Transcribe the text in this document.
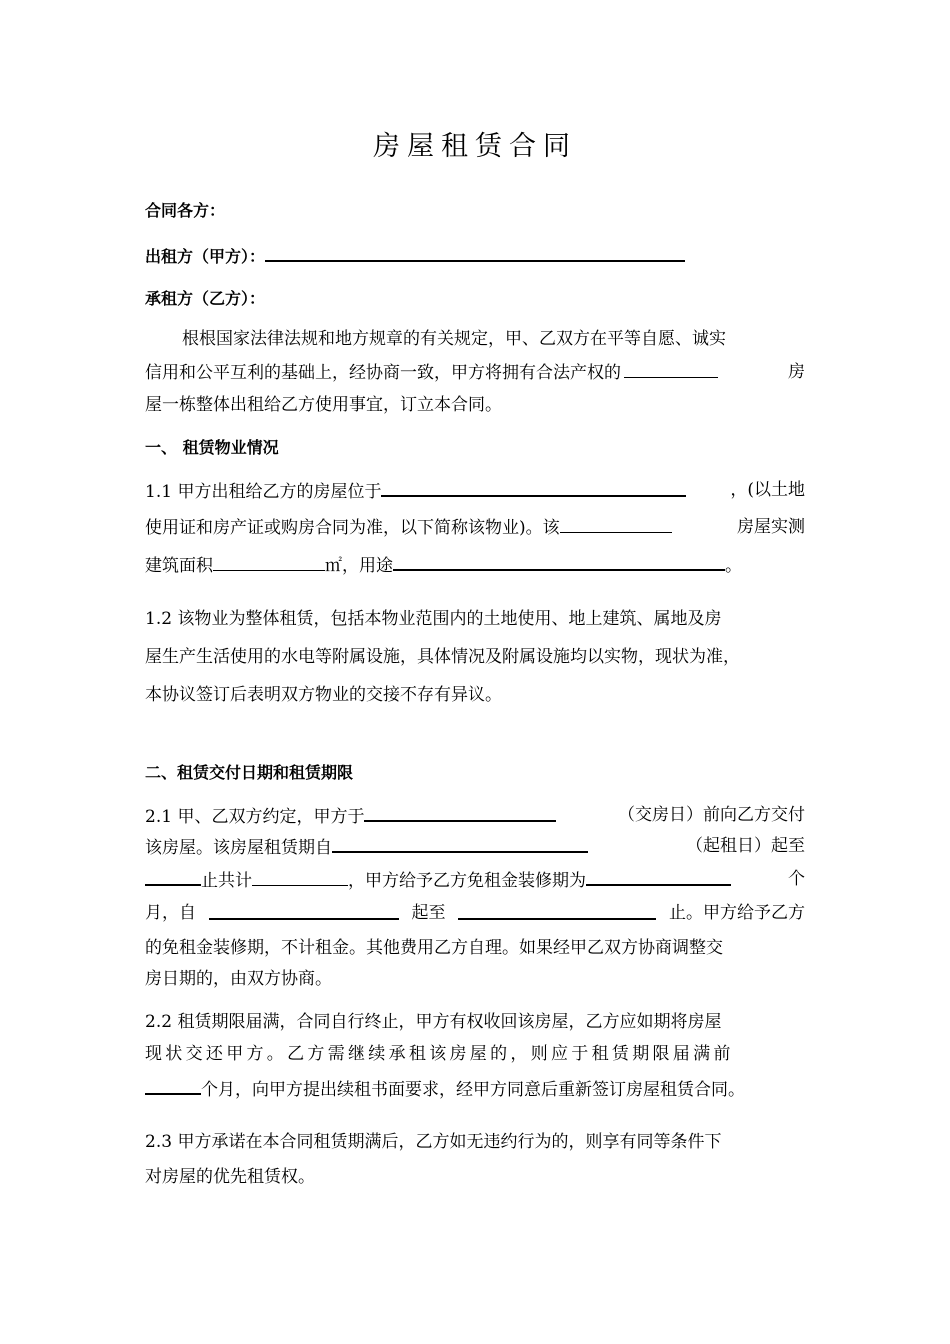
房屋租赁合同
合同各方：
出租方（甲方）：
承租方（乙方）：
根根国家法律法规和地方规章的有关规定，甲、乙双方在平等自愿、诚实
信用和公平互利的基础上，经协商一致，甲方将拥有合法产权的	房
屋一栋整体出租给乙方使用事宜，订立本合同。
一、 租赁物业情况
1.1 甲方出租给乙方的房屋位于	，(以土地
使用证和房产证或购房合同为准，以下简称该物业)。该	房屋实测
建筑面积	㎡，用途	。
1.2 该物业为整体租赁，包括本物业范围内的土地使用、地上建筑、属地及房
屋生产生活使用的水电等附属设施，具体情况及附属设施均以实物，现状为准，
本协议签订后表明双方物业的交接不存有异议。
二、租赁交付日期和租赁期限
2.1 甲、乙双方约定，甲方于	（交房日）前向乙方交付
该房屋。该房屋租赁期自	（起租日）起至
止共计	，甲方给予乙方免租金装修期为	个
月，自	起至	止。甲方给予乙方
的免租金装修期，不计租金。其他费用乙方自理。如果经甲乙双方协商调整交
房日期的，由双方协商。
2.2 租赁期限届满，合同自行终止，甲方有权收回该房屋，乙方应如期将房屋
现状交还甲方。乙方需继续承租该房屋的，则应于租赁期限届满前
个月，向甲方提出续租书面要求，经甲方同意后重新签订房屋租赁合同。
2.3 甲方承诺在本合同租赁期满后，乙方如无违约行为的，则享有同等条件下
对房屋的优先租赁权。
